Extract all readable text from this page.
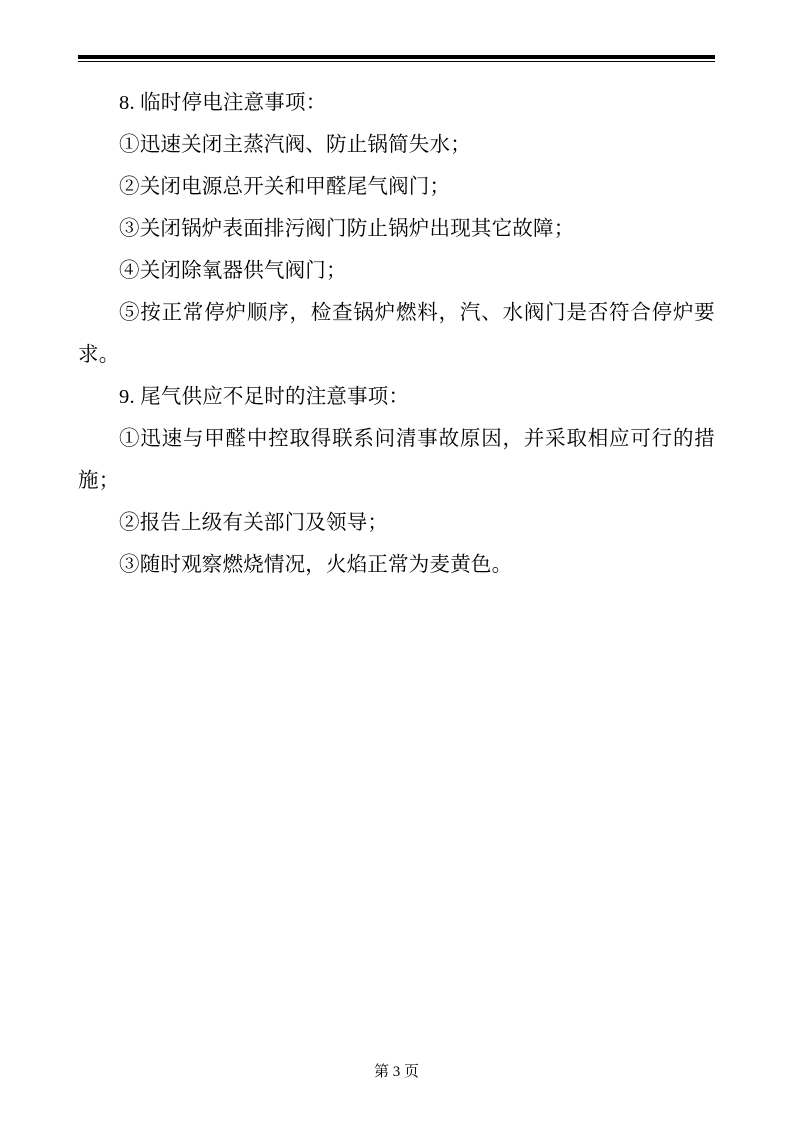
8. 临时停电注意事项：

①迅速关闭主蒸汽阀、防止锅简失水；

②关闭电源总开关和甲醛尾气阀门；

③关闭锅炉表面排污阀门防止锅炉出现其它故障；

④关闭除氧器供气阀门；

⑤按正常停炉顺序，检查锅炉燃料，汽、水阀门是否符合停炉要求。

9. 尾气供应不足时的注意事项：

①迅速与甲醛中控取得联系问清事故原因，并采取相应可行的措施；

②报告上级有关部门及领导；

③随时观察燃烧情况，火焰正常为麦黄色。

第 3 页
